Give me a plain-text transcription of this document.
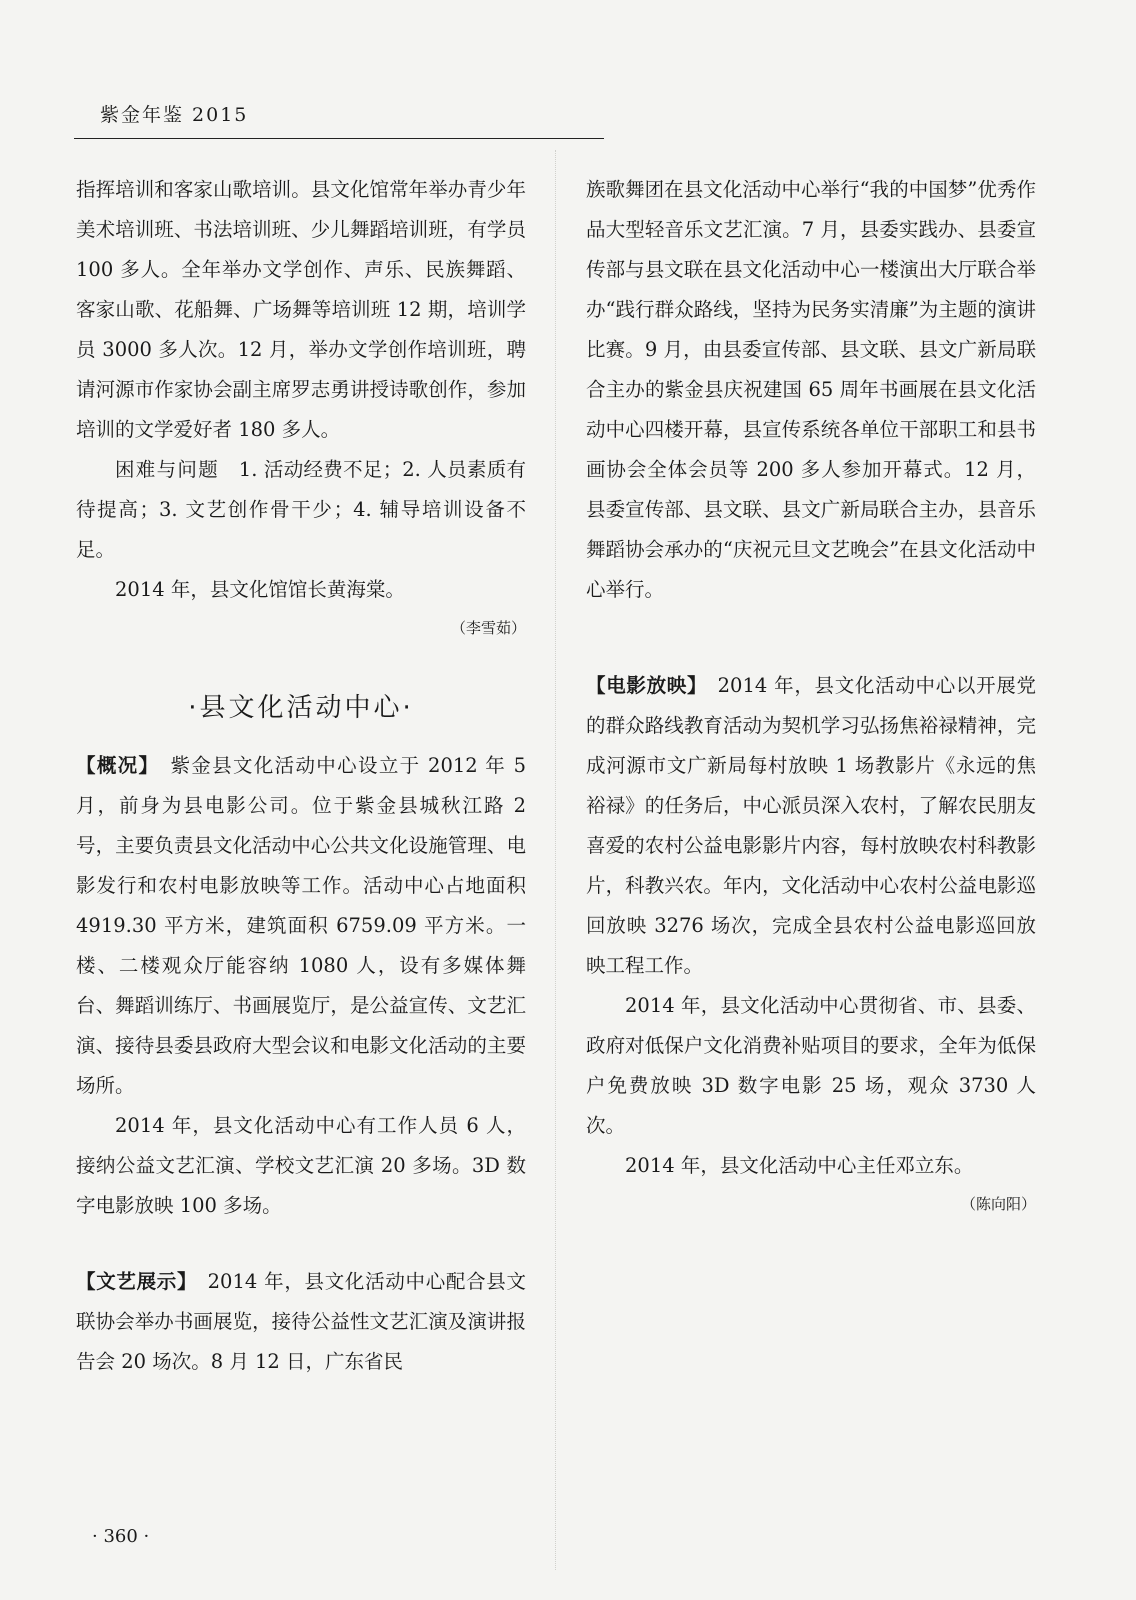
紫金年鉴 2015

指挥培训和客家山歌培训。县文化馆常年举办青少年美术培训班、书法培训班、少儿舞蹈培训班，有学员 100 多人。全年举办文学创作、声乐、民族舞蹈、客家山歌、花船舞、广场舞等培训班 12 期，培训学员 3000 多人次。12 月，举办文学创作培训班，聘请河源市作家协会副主席罗志勇讲授诗歌创作，参加培训的文学爱好者 180 多人。

困难与问题　1. 活动经费不足；2. 人员素质有待提高；3. 文艺创作骨干少；4. 辅导培训设备不足。

2014 年，县文化馆馆长黄海棠。

（李雪茹）
·县文化活动中心·

【概况】　紫金县文化活动中心设立于 2012 年 5 月，前身为县电影公司。位于紫金县城秋江路 2 号，主要负责县文化活动中心公共文化设施管理、电影发行和农村电影放映等工作。活动中心占地面积 4919.30 平方米，建筑面积 6759.09 平方米。一楼、二楼观众厅能容纳 1080 人，设有多媒体舞台、舞蹈训练厅、书画展览厅，是公益宣传、文艺汇演、接待县委县政府大型会议和电影文化活动的主要场所。

2014 年，县文化活动中心有工作人员 6 人，接纳公益文艺汇演、学校文艺汇演 20 多场。3D 数字电影放映 100 多场。

【文艺展示】　2014 年，县文化活动中心配合县文联协会举办书画展览，接待公益性文艺汇演及演讲报告会 20 场次。8 月 12 日，广东省民

族歌舞团在县文化活动中心举行“我的中国梦”优秀作品大型轻音乐文艺汇演。7 月，县委实践办、县委宣传部与县文联在县文化活动中心一楼演出大厅联合举办“践行群众路线，坚持为民务实清廉”为主题的演讲比赛。9 月，由县委宣传部、县文联、县文广新局联合主办的紫金县庆祝建国 65 周年书画展在县文化活动中心四楼开幕，县宣传系统各单位干部职工和县书画协会全体会员等 200 多人参加开幕式。12 月，县委宣传部、县文联、县文广新局联合主办，县音乐舞蹈协会承办的“庆祝元旦文艺晚会”在县文化活动中心举行。

【电影放映】　2014 年，县文化活动中心以开展党的群众路线教育活动为契机学习弘扬焦裕禄精神，完成河源市文广新局每村放映 1 场教影片《永远的焦裕禄》的任务后，中心派员深入农村，了解农民朋友喜爱的农村公益电影影片内容，每村放映农村科教影片，科教兴农。年内，文化活动中心农村公益电影巡回放映 3276 场次，完成全县农村公益电影巡回放映工程工作。

2014 年，县文化活动中心贯彻省、市、县委、政府对低保户文化消费补贴项目的要求，全年为低保户免费放映 3D 数字电影 25 场，观众 3730 人次。

2014 年，县文化活动中心主任邓立东。

（陈向阳）
· 360 ·
